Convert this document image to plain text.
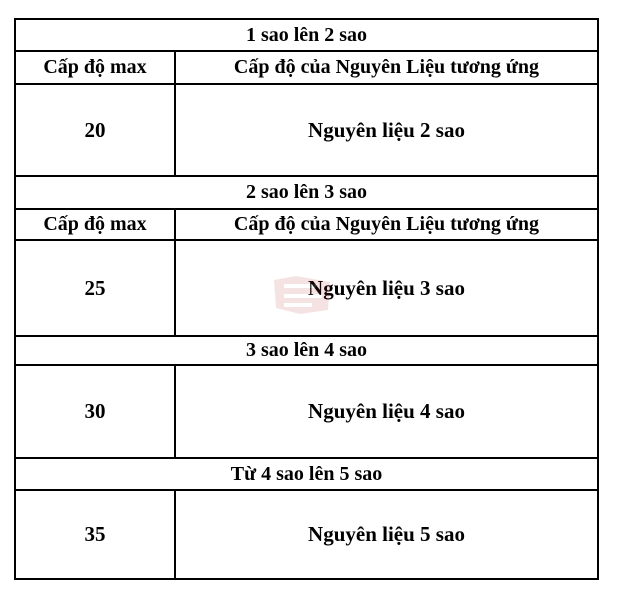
1 sao lên 2 sao
Cấp độ max	Cấp độ của Nguyên Liệu tương ứng
20	Nguyên liệu 2 sao
2 sao lên 3 sao
Cấp độ max	Cấp độ của Nguyên Liệu tương ứng
25	Nguyên liệu 3 sao
3 sao lên 4 sao
30	Nguyên liệu 4 sao
Từ 4 sao lên 5 sao
35	Nguyên liệu 5 sao
